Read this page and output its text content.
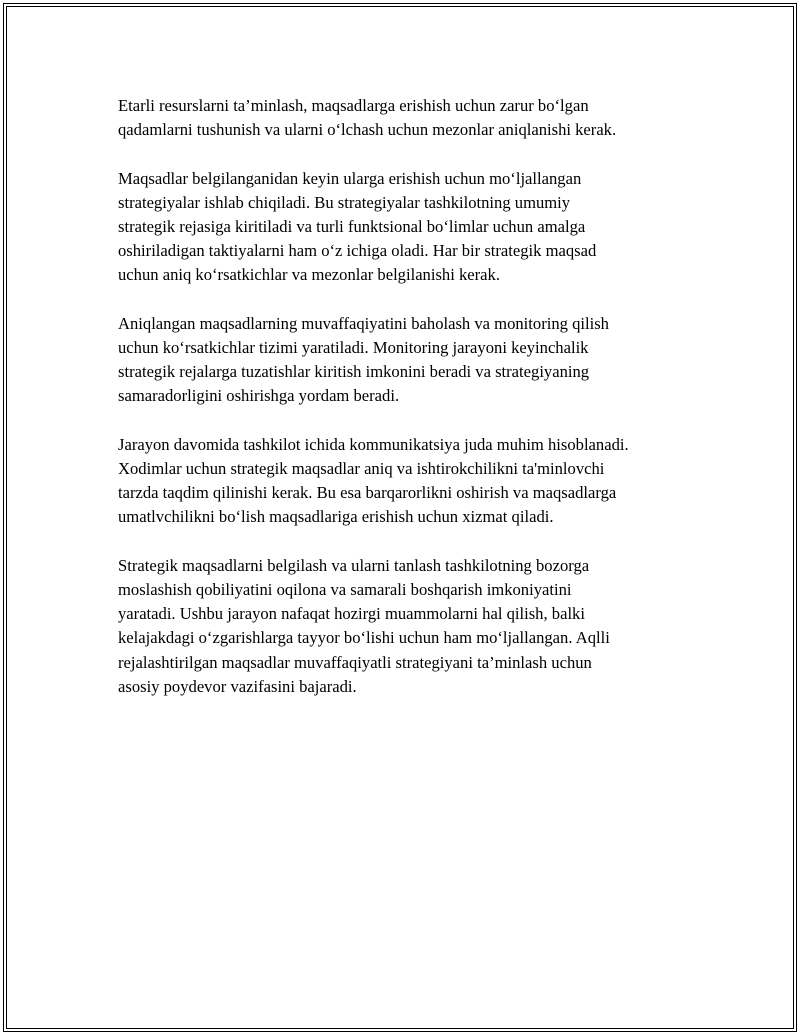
Etarli resurslarni ta’minlash, maqsadlarga erishish uchun zarur bo‘lgan
qadamlarni tushunish va ularni o‘lchash uchun mezonlar aniqlanishi kerak.

Maqsadlar belgilanganidan keyin ularga erishish uchun mo‘ljallangan
strategiyalar ishlab chiqiladi. Bu strategiyalar tashkilotning umumiy
strategik rejasiga kiritiladi va turli funktsional bo‘limlar uchun amalga
oshiriladigan taktiyalarni ham o‘z ichiga oladi. Har bir strategik maqsad
uchun aniq ko‘rsatkichlar va mezonlar belgilanishi kerak.

Aniqlangan maqsadlarning muvaffaqiyatini baholash va monitoring qilish
uchun ko‘rsatkichlar tizimi yaratiladi. Monitoring jarayoni keyinchalik
strategik rejalarga tuzatishlar kiritish imkonini beradi va strategiyaning
samaradorligini oshirishga yordam beradi.

Jarayon davomida tashkilot ichida kommunikatsiya juda muhim hisoblanadi.
Xodimlar uchun strategik maqsadlar aniq va ishtirokchilikni ta'minlovchi
tarzda taqdim qilinishi kerak. Bu esa barqarorlikni oshirish va maqsadlarga
umatlvchilikni bo‘lish maqsadlariga erishish uchun xizmat qiladi.

Strategik maqsadlarni belgilash va ularni tanlash tashkilotning bozorga
moslashish qobiliyatini oqilona va samarali boshqarish imkoniyatini
yaratadi. Ushbu jarayon nafaqat hozirgi muammolarni hal qilish, balki
kelajakdagi o‘zgarishlarga tayyor bo‘lishi uchun ham mo‘ljallangan. Aqlli
rejalashtirilgan maqsadlar muvaffaqiyatli strategiyani ta’minlash uchun
asosiy poydevor vazifasini bajaradi.
